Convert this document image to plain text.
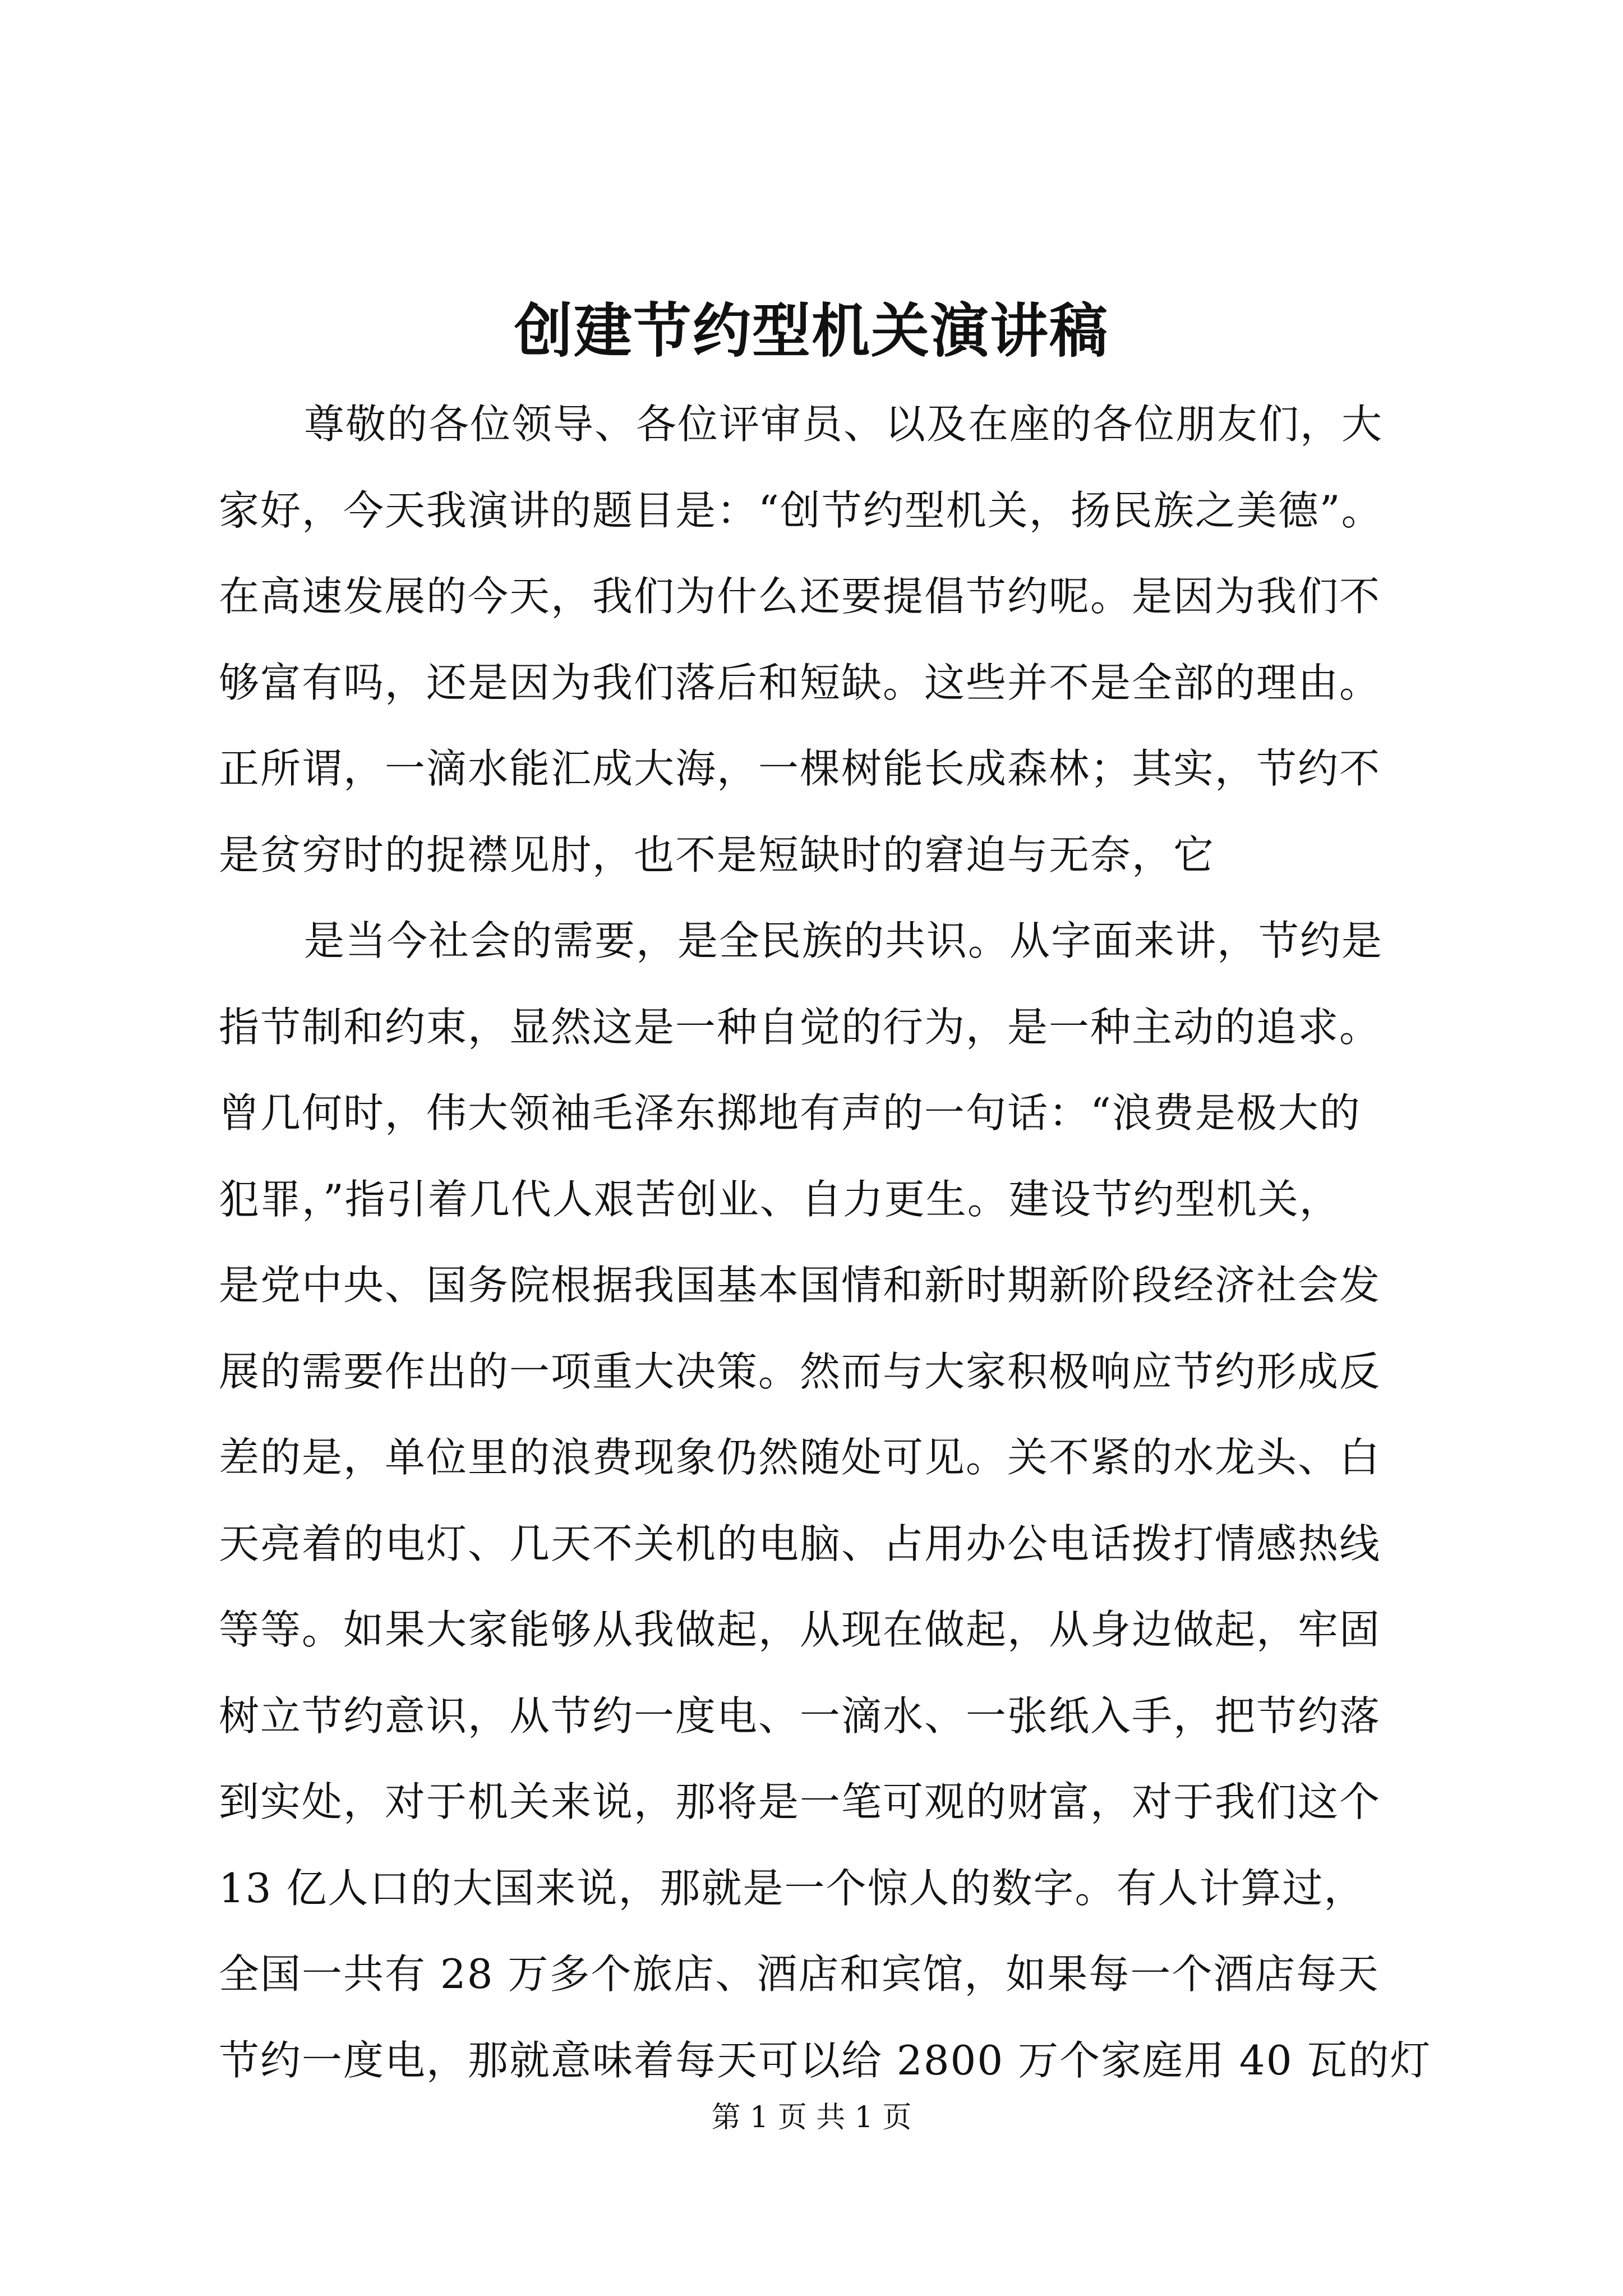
创建节约型机关演讲稿
尊敬的各位领导、各位评审员、以及在座的各位朋友们，大
家好，今天我演讲的题目是：“创节约型机关，扬民族之美德”。
在高速发展的今天，我们为什么还要提倡节约呢。是因为我们不
够富有吗，还是因为我们落后和短缺。这些并不是全部的理由。
正所谓，一滴水能汇成大海，一棵树能长成森林；其实，节约不
是贫穷时的捉襟见肘，也不是短缺时的窘迫与无奈，它
是当今社会的需要，是全民族的共识。从字面来讲，节约是
指节制和约束，显然这是一种自觉的行为，是一种主动的追求。
曾几何时，伟大领袖毛泽东掷地有声的一句话：“浪费是极大的
犯罪，”指引着几代人艰苦创业、自力更生。建设节约型机关，
是党中央、国务院根据我国基本国情和新时期新阶段经济社会发
展的需要作出的一项重大决策。然而与大家积极响应节约形成反
差的是，单位里的浪费现象仍然随处可见。关不紧的水龙头、白
天亮着的电灯、几天不关机的电脑、占用办公电话拨打情感热线
等等。如果大家能够从我做起，从现在做起，从身边做起，牢固
树立节约意识，从节约一度电、一滴水、一张纸入手，把节约落
到实处，对于机关来说，那将是一笔可观的财富，对于我们这个
13 亿人口的大国来说，那就是一个惊人的数字。有人计算过，
全国一共有 28 万多个旅店、酒店和宾馆，如果每一个酒店每天
节约一度电，那就意味着每天可以给 2800 万个家庭用 40 瓦的灯
第 1 页 共 1 页
